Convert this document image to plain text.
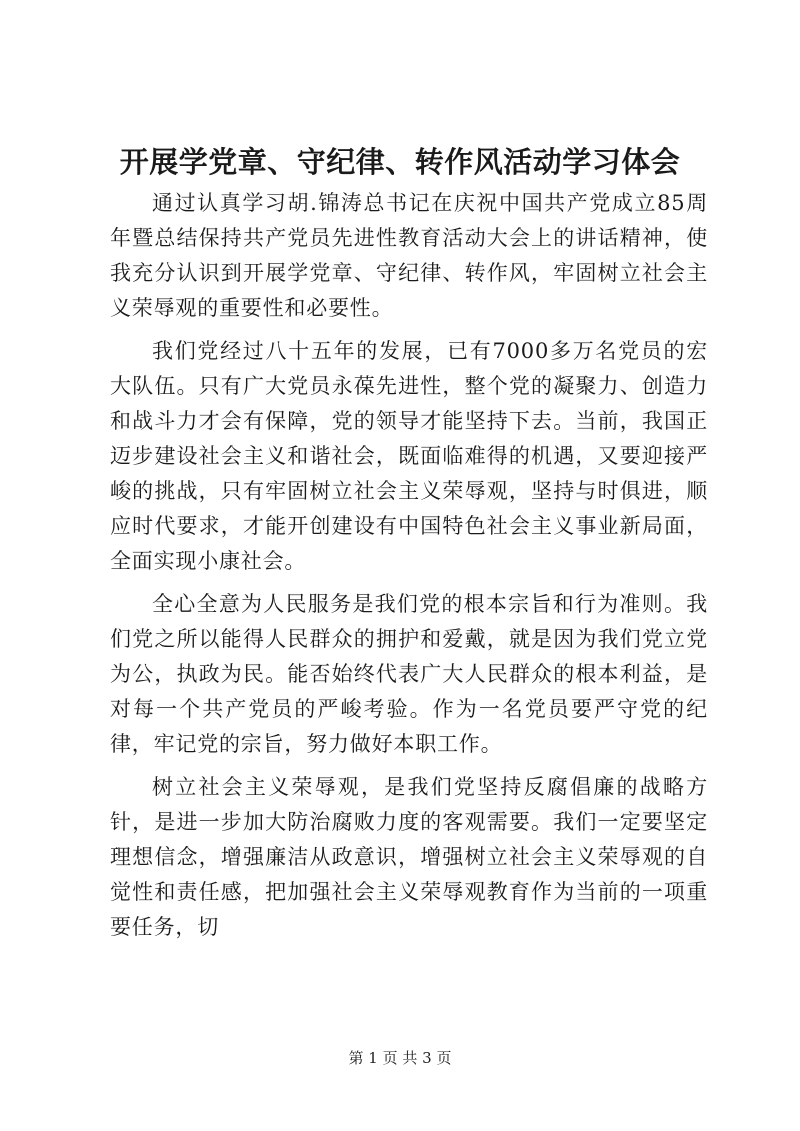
开展学党章、守纪律、转作风活动学习体会

通过认真学习胡.锦涛总书记在庆祝中国共产党成立85周年暨总结保持共产党员先进性教育活动大会上的讲话精神，使我充分认识到开展学党章、守纪律、转作风，牢固树立社会主义荣辱观的重要性和必要性。

我们党经过八十五年的发展，已有7000多万名党员的宏大队伍。只有广大党员永葆先进性，整个党的凝聚力、创造力和战斗力才会有保障，党的领导才能坚持下去。当前，我国正迈步建设社会主义和谐社会，既面临难得的机遇，又要迎接严峻的挑战，只有牢固树立社会主义荣辱观，坚持与时俱进，顺应时代要求，才能开创建设有中国特色社会主义事业新局面，全面实现小康社会。

全心全意为人民服务是我们党的根本宗旨和行为准则。我们党之所以能得人民群众的拥护和爱戴，就是因为我们党立党为公，执政为民。能否始终代表广大人民群众的根本利益，是对每一个共产党员的严峻考验。作为一名党员要严守党的纪律，牢记党的宗旨，努力做好本职工作。

树立社会主义荣辱观，是我们党坚持反腐倡廉的战略方针，是进一步加大防治腐败力度的客观需要。我们一定要坚定理想信念，增强廉洁从政意识，增强树立社会主义荣辱观的自觉性和责任感，把加强社会主义荣辱观教育作为当前的一项重要任务，切

第 1 页 共 3 页
